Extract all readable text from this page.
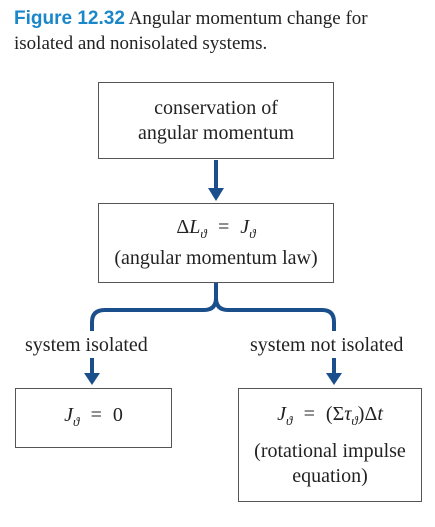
Figure 12.32 Angular momentum change for isolated and nonisolated systems.
conservation of
angular momentum
$\Delta L_ϑ$ = $J_ϑ$
(angular momentum law)
system isolated	system not isolated
$J_ϑ$ = 0	$J_ϑ$ = $(\Sigma\tau_ϑ)\Delta t$
(rotational impulse
equation)
